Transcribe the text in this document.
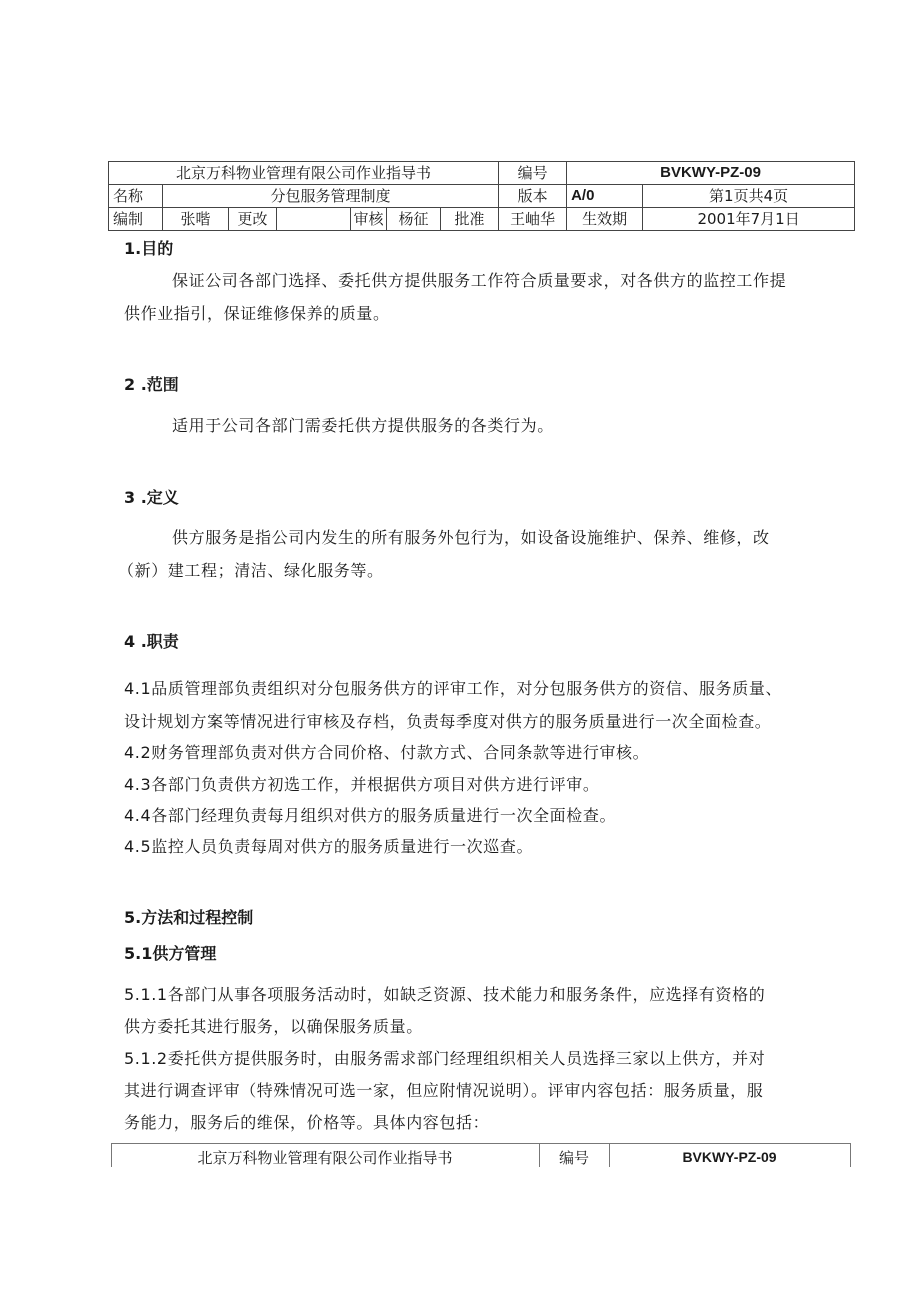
北京万科物业管理有限公司作业指导书							编号	BVKWY-PZ-09	
名称	分包服务管理制度						版本	A/0	第1页共4页
编制	张喈	更改		审核	杨征	批准	王岫华	生效期	2001年7月1日
1.目的
保证公司各部门选择、委托供方提供服务工作符合质量要求，对各供方的监控工作提
供作业指引，保证维修保养的质量。
2 .范围
适用于公司各部门需委托供方提供服务的各类行为。
3 .定义
供方服务是指公司内发生的所有服务外包行为，如设备设施维护、保养、维修，改
（新）建工程；清洁、绿化服务等。
4 .职责
4.1品质管理部负责组织对分包服务供方的评审工作，对分包服务供方的资信、服务质量、
设计规划方案等情况进行审核及存档，负责每季度对供方的服务质量进行一次全面检查。
4.2财务管理部负责对供方合同价格、付款方式、合同条款等进行审核。
4.3各部门负责供方初选工作，并根据供方项目对供方进行评审。
4.4各部门经理负责每月组织对供方的服务质量进行一次全面检查。
4.5监控人员负责每周对供方的服务质量进行一次巡查。
5.方法和过程控制
5.1供方管理
5.1.1各部门从事各项服务活动时，如缺乏资源、技术能力和服务条件，应选择有资格的
供方委托其进行服务，以确保服务质量。
5.1.2委托供方提供服务时，由服务需求部门经理组织相关人员选择三家以上供方，并对
其进行调查评审（特殊情况可选一家，但应附情况说明）。评审内容包括：服务质量，服
务能力，服务后的维保，价格等。具体内容包括：
北京万科物业管理有限公司作业指导书	编号	BVKWY-PZ-09
